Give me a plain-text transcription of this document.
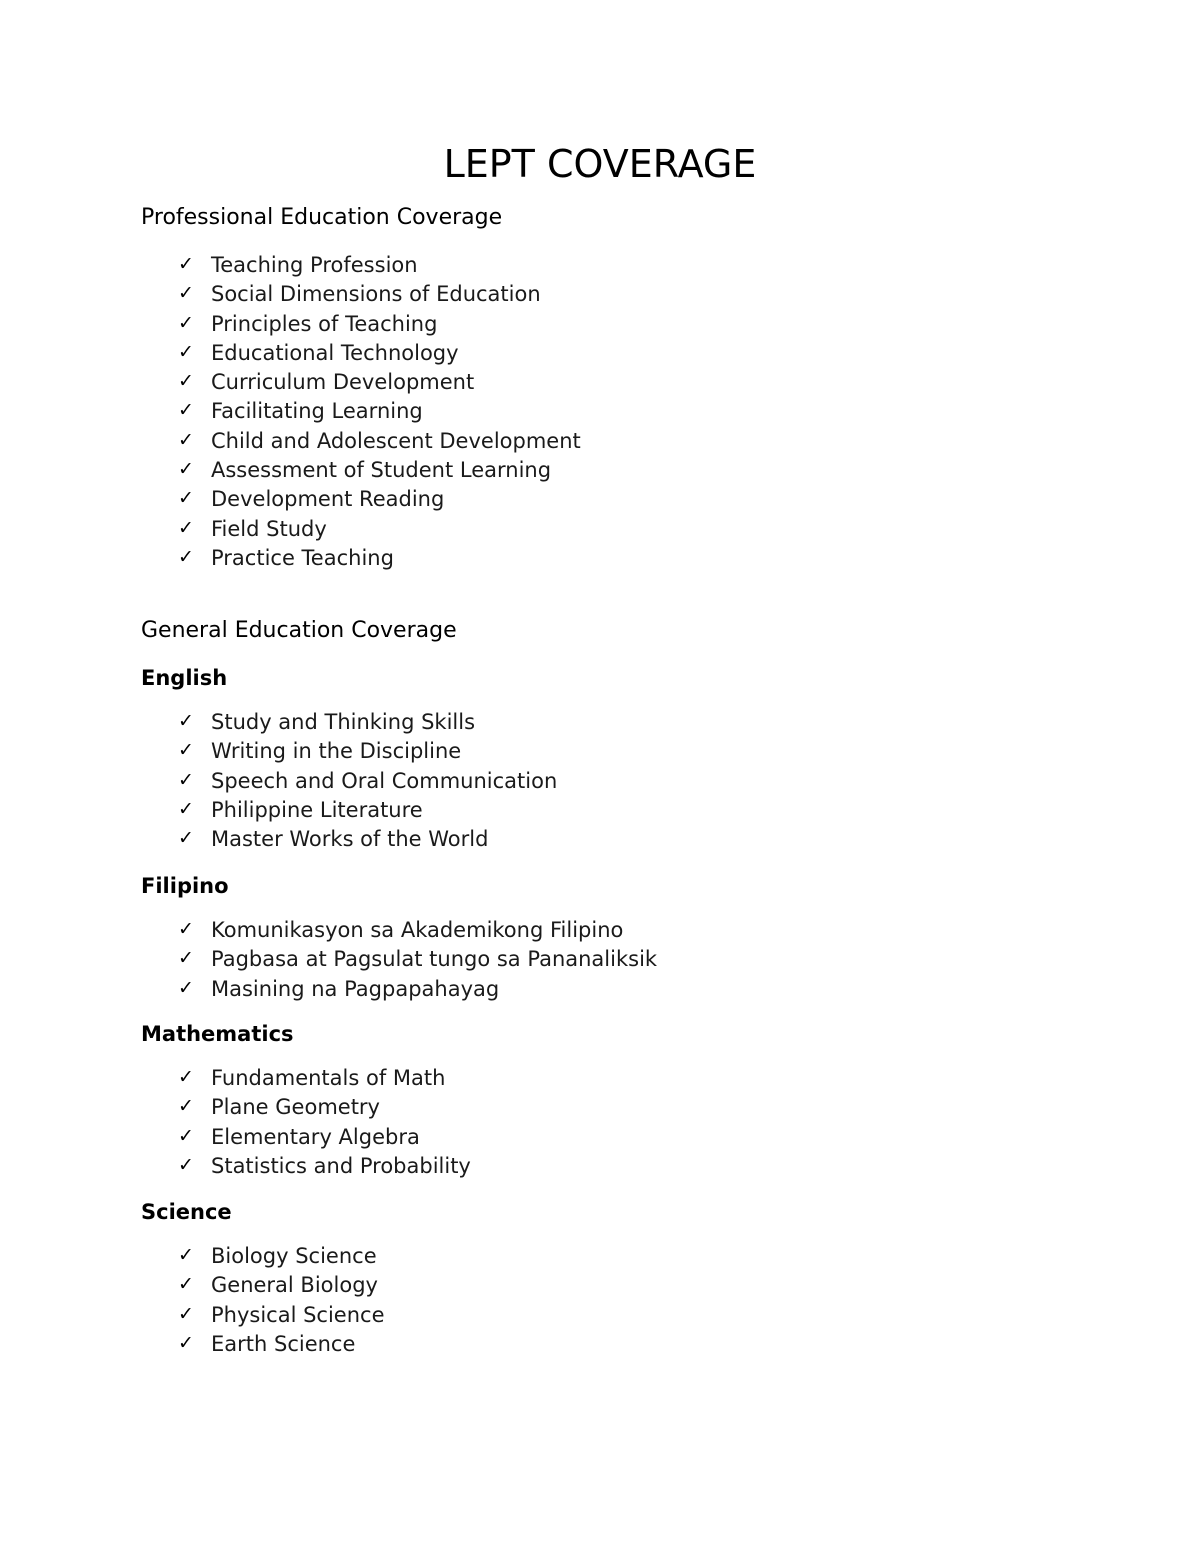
LEPT COVERAGE
Professional Education Coverage
✓ Teaching Profession
✓ Social Dimensions of Education
✓ Principles of Teaching
✓ Educational Technology
✓ Curriculum Development
✓ Facilitating Learning
✓ Child and Adolescent Development
✓ Assessment of Student Learning
✓ Development Reading
✓ Field Study
✓ Practice Teaching
General Education Coverage
English
✓ Study and Thinking Skills
✓ Writing in the Discipline
✓ Speech and Oral Communication
✓ Philippine Literature
✓ Master Works of the World
Filipino
✓ Komunikasyon sa Akademikong Filipino
✓ Pagbasa at Pagsulat tungo sa Pananaliksik
✓ Masining na Pagpapahayag
Mathematics
✓ Fundamentals of Math
✓ Plane Geometry
✓ Elementary Algebra
✓ Statistics and Probability
Science
✓ Biology Science
✓ General Biology
✓ Physical Science
✓ Earth Science
